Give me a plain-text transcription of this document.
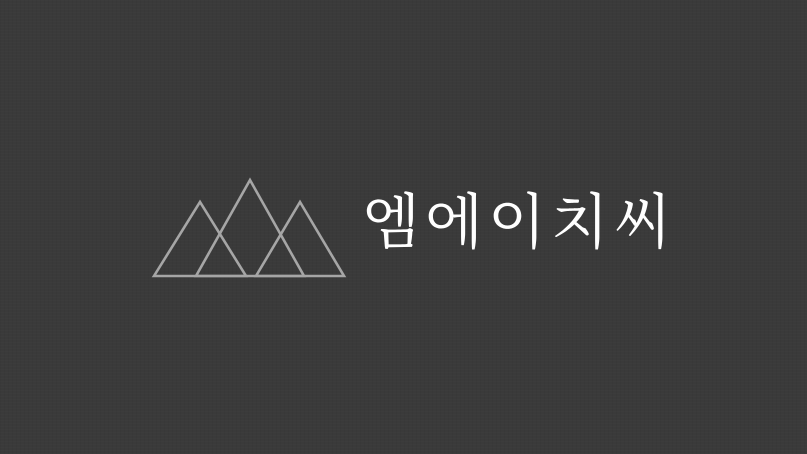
엠에이치씨
